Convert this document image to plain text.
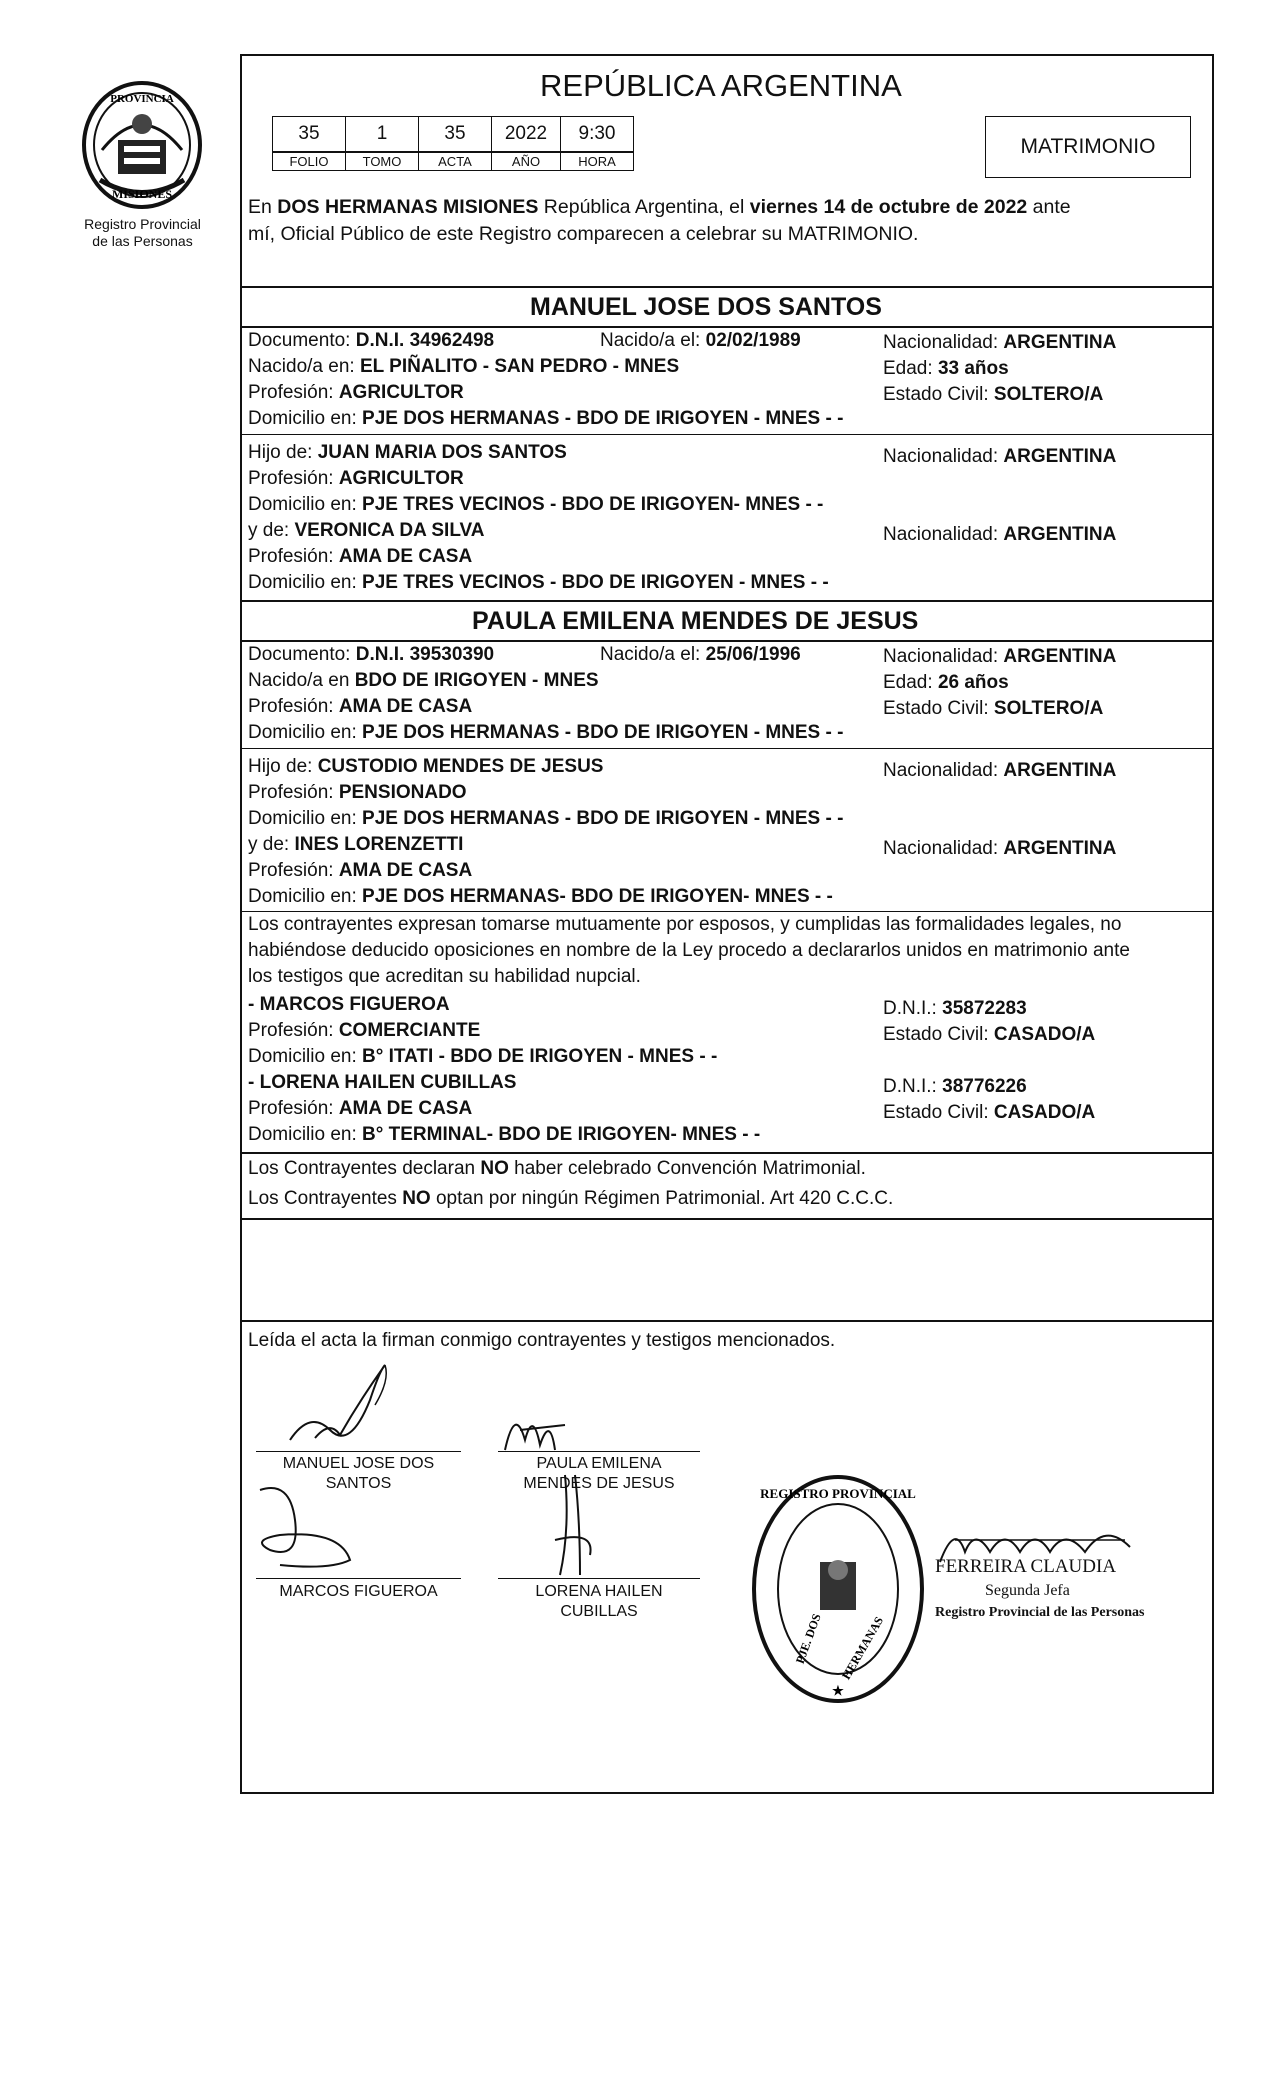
PROVINCIA
MISIONES
Registro Provincial
de las Personas
REPÚBLICA ARGENTINA
35	1	35	2022	9:30
FOLIO	TOMO	ACTA	AÑO	HORA
MATRIMONIO
En DOS HERMANAS MISIONES República Argentina, el viernes 14 de octubre de 2022 ante
mí, Oficial Público de este Registro comparecen a celebrar su MATRIMONIO.
MANUEL JOSE DOS SANTOS
Documento: D.N.I. 34962498	Nacido/a el: 02/02/1989	Nacionalidad: ARGENTINA
Nacido/a en: EL PIÑALITO - SAN PEDRO - MNES	Edad: 33 años
Profesión: AGRICULTOR	Estado Civil: SOLTERO/A
Domicilio en: PJE DOS HERMANAS - BDO DE IRIGOYEN - MNES - -
Hijo de: JUAN MARIA DOS SANTOS	Nacionalidad: ARGENTINA
Profesión: AGRICULTOR
Domicilio en: PJE TRES VECINOS - BDO DE IRIGOYEN- MNES - -
y de: VERONICA DA SILVA	Nacionalidad: ARGENTINA
Profesión: AMA DE CASA
Domicilio en: PJE TRES VECINOS - BDO DE IRIGOYEN - MNES - -
PAULA EMILENA MENDES DE JESUS
Documento: D.N.I. 39530390	Nacido/a el: 25/06/1996	Nacionalidad: ARGENTINA
Nacido/a en BDO DE IRIGOYEN - MNES	Edad: 26 años
Profesión: AMA DE CASA	Estado Civil: SOLTERO/A
Domicilio en: PJE DOS HERMANAS - BDO DE IRIGOYEN - MNES - -
Hijo de: CUSTODIO MENDES DE JESUS	Nacionalidad: ARGENTINA
Profesión: PENSIONADO
Domicilio en: PJE DOS HERMANAS - BDO DE IRIGOYEN - MNES - -
y de: INES LORENZETTI	Nacionalidad: ARGENTINA
Profesión: AMA DE CASA
Domicilio en: PJE DOS HERMANAS- BDO DE IRIGOYEN- MNES - -
Los contrayentes expresan tomarse mutuamente por esposos, y cumplidas las formalidades legales, no
habiéndose deducido oposiciones en nombre de la Ley procedo a declararlos unidos en matrimonio ante
los testigos que acreditan su habilidad nupcial.
- MARCOS FIGUEROA	D.N.I.: 35872283
Profesión: COMERCIANTE	Estado Civil: CASADO/A
Domicilio en: B° ITATI - BDO DE IRIGOYEN - MNES - -
- LORENA HAILEN CUBILLAS	D.N.I.: 38776226
Profesión: AMA DE CASA	Estado Civil: CASADO/A
Domicilio en: B° TERMINAL- BDO DE IRIGOYEN- MNES - -
Los Contrayentes declaran NO haber celebrado Convención Matrimonial.
Los Contrayentes NO optan por ningún Régimen Patrimonial. Art 420 C.C.C.
Leída el acta la firman conmigo contrayentes y testigos mencionados.
MANUEL JOSE DOS
SANTOS
PAULA EMILENA
MENDES DE JESUS
MARCOS FIGUEROA	LORENA HAILEN
CUBILLAS
REGISTRO PROVINCIAL
★
PJE. DOS HERMANAS
FERREIRA CLAUDIA
Segunda Jefa
Registro Provincial de las Personas
